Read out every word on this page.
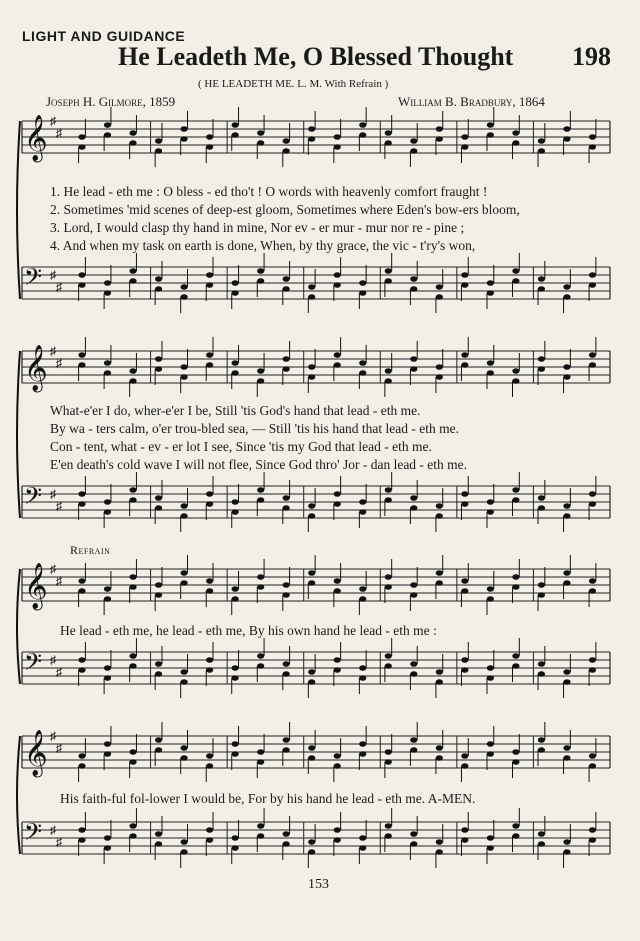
LIGHT AND GUIDANCE
He Leadeth Me, O Blessed Thought 198
( HE LEADETH ME. L. M. With Refrain )
Joseph H. Gilmore, 1859	William B. Bradbury, 1864
𝄞 ♯
♯
𝄢 ♯
♯
𝄞 ♯
♯
𝄢 ♯
♯
𝄞 ♯
♯
𝄢 ♯
♯
𝄞 ♯
♯
𝄢 ♯
♯
1. He lead - eth me : O bless - ed tho't ! O words with heavenly comfort fraught !
2. Sometimes 'mid scenes of deep-est gloom, Sometimes where Eden's bow-ers bloom,
3. Lord, I would clasp thy hand in mine, Nor ev - er mur - mur nor re - pine ;
4. And when my task on earth is done, When, by thy grace, the vic - t'ry's won,
What-e'er I do, wher-e'er I be, Still 'tis God's hand that lead - eth me.
By wa - ters calm, o'er trou-bled sea, — Still 'tis his hand that lead - eth me.
Con - tent, what - ev - er lot I see, Since 'tis my God that lead - eth me.
E'en death's cold wave I will not flee, Since God thro' Jor - dan lead - eth me.
Refrain
He lead - eth me, he lead - eth me, By his own hand he lead - eth me :
His faith-ful fol-lower I would be, For by his hand he lead - eth me. A-MEN.
153
